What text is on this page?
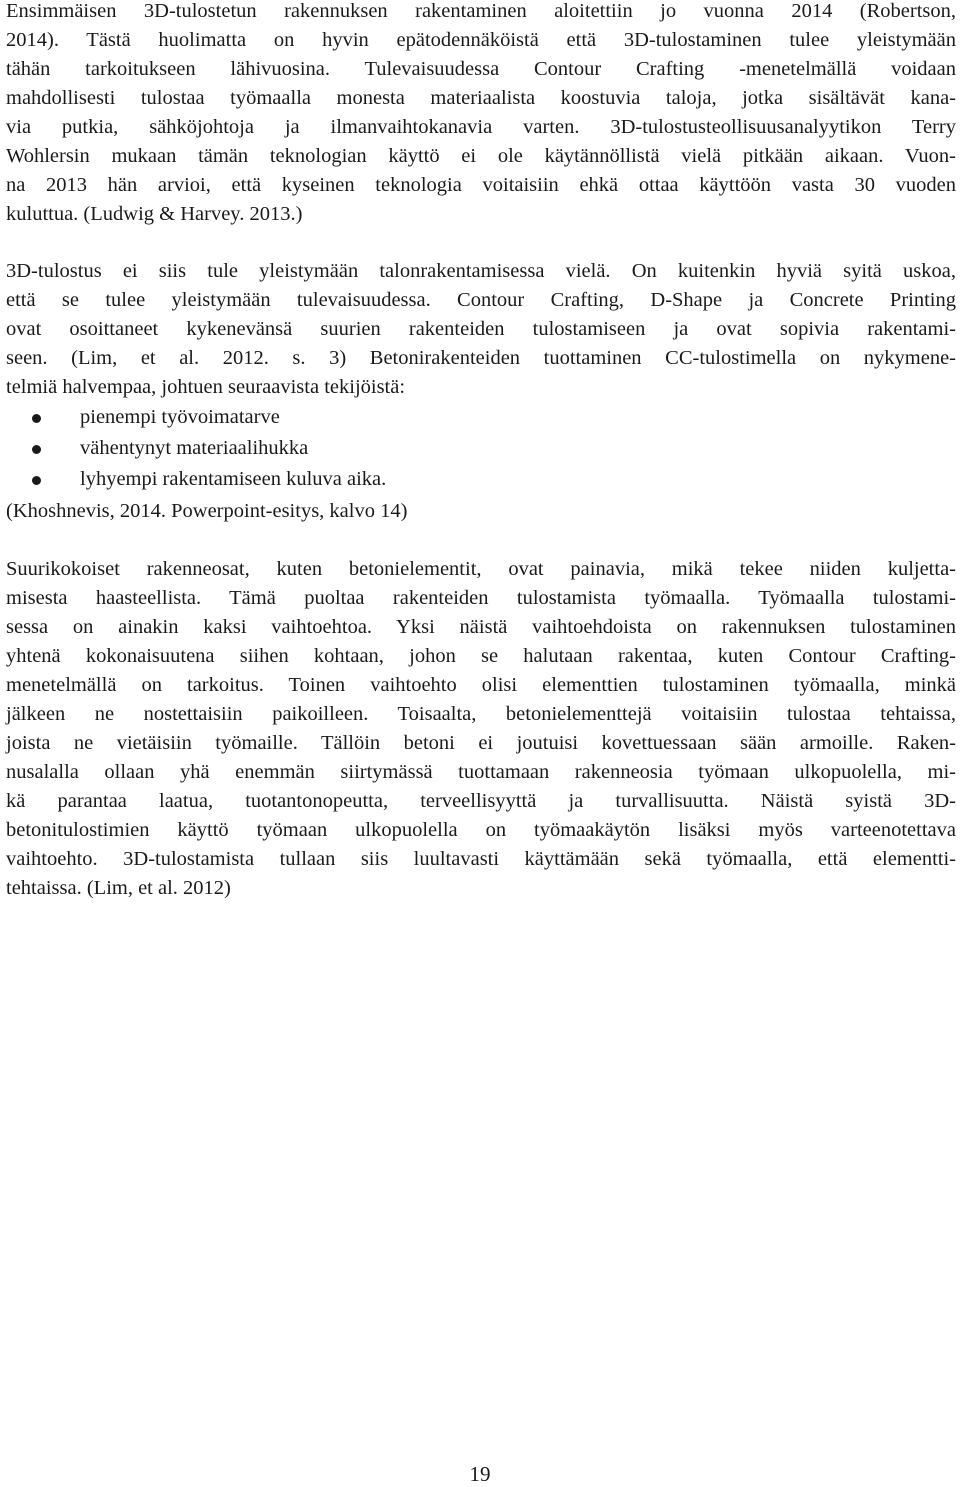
Ensimmäisen 3D-tulostetun rakennuksen rakentaminen aloitettiin jo vuonna 2014 (Robertson,
2014). Tästä huolimatta on hyvin epätodennäköistä että 3D-tulostaminen tulee yleistymään
tähän tarkoitukseen lähivuosina. Tulevaisuudessa Contour Crafting -menetelmällä voidaan
mahdollisesti tulostaa työmaalla monesta materiaalista koostuvia taloja, jotka sisältävät kana-
via putkia, sähköjohtoja ja ilmanvaihtokanavia varten. 3D-tulostusteollisuusanalyytikon Terry
Wohlersin mukaan tämän teknologian käyttö ei ole käytännöllistä vielä pitkään aikaan. Vuon-
na 2013 hän arvioi, että kyseinen teknologia voitaisiin ehkä ottaa käyttöön vasta 30 vuoden
kuluttua. (Ludwig & Harvey. 2013.)
3D-tulostus ei siis tule yleistymään talonrakentamisessa vielä. On kuitenkin hyviä syitä uskoa,
että se tulee yleistymään tulevaisuudessa. Contour Crafting, D-Shape ja Concrete Printing
ovat osoittaneet kykenevänsä suurien rakenteiden tulostamiseen ja ovat sopivia rakentami-
seen. (Lim, et al. 2012. s. 3) Betonirakenteiden tuottaminen CC-tulostimella on nykymene-
telmiä halvempaa, johtuen seuraavista tekijöistä:
pienempi työvoimatarve
vähentynyt materiaalihukka
lyhyempi rakentamiseen kuluva aika.
(Khoshnevis, 2014. Powerpoint-esitys, kalvo 14)
Suurikokoiset rakenneosat, kuten betonielementit, ovat painavia, mikä tekee niiden kuljetta-
misesta haasteellista. Tämä puoltaa rakenteiden tulostamista työmaalla. Työmaalla tulostami-
sessa on ainakin kaksi vaihtoehtoa. Yksi näistä vaihtoehdoista on rakennuksen tulostaminen
yhtenä kokonaisuutena siihen kohtaan, johon se halutaan rakentaa, kuten Contour Crafting-
menetelmällä on tarkoitus. Toinen vaihtoehto olisi elementtien tulostaminen työmaalla, minkä
jälkeen ne nostettaisiin paikoilleen. Toisaalta, betonielementtejä voitaisiin tulostaa tehtaissa,
joista ne vietäisiin työmaille. Tällöin betoni ei joutuisi kovettuessaan sään armoille. Raken-
nusalalla ollaan yhä enemmän siirtymässä tuottamaan rakenneosia työmaan ulkopuolella, mi-
kä parantaa laatua, tuotantonopeutta, terveellisyyttä ja turvallisuutta. Näistä syistä 3D-
betonitulostimien käyttö työmaan ulkopuolella on työmaakäytön lisäksi myös varteenotettava
vaihtoehto. 3D-tulostamista tullaan siis luultavasti käyttämään sekä työmaalla, että elementti-
tehtaissa. (Lim, et al. 2012)
19
